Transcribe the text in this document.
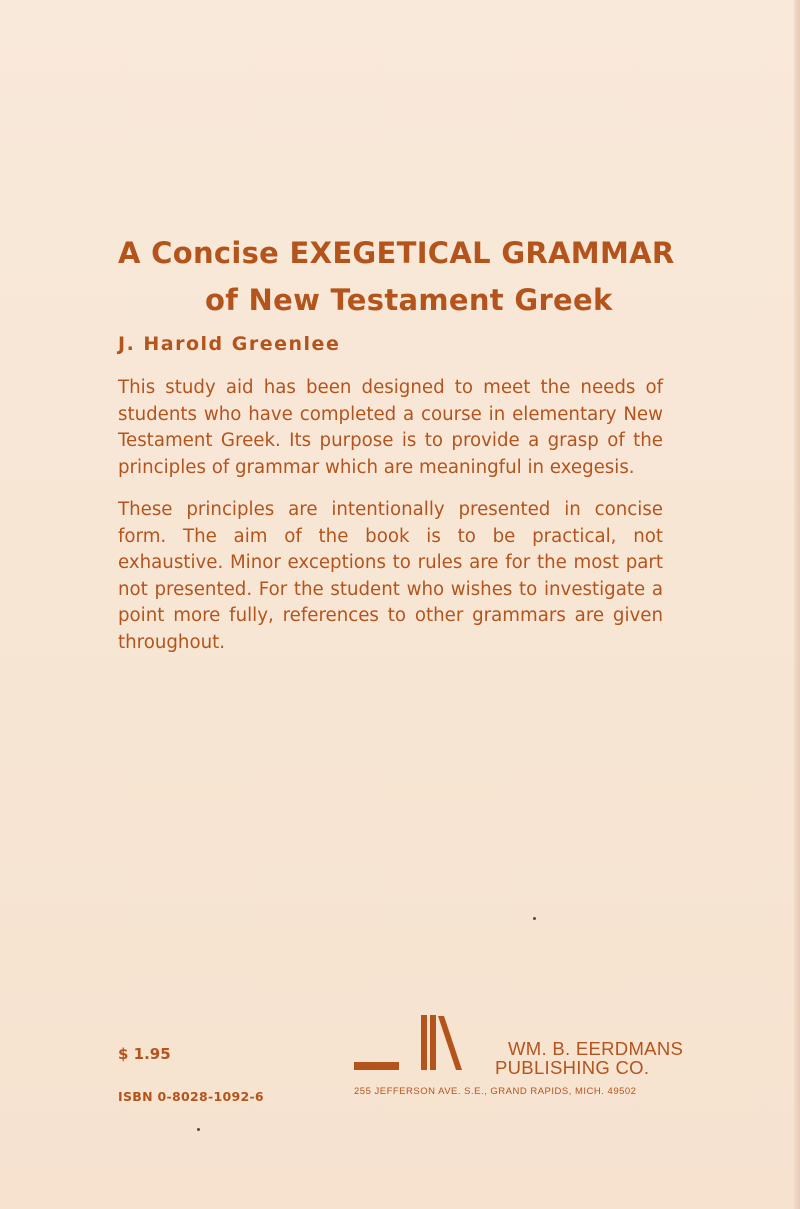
A Concise EXEGETICAL GRAMMAR
of New Testament Greek
J. Harold Greenlee

This study aid has been designed to meet the needs of students who have completed a course in elementary New Testament Greek. Its purpose is to provide a grasp of the principles of grammar which are meaningful in exegesis.

These principles are intentionally presented in concise form. The aim of the book is to be practical, not exhaustive. Minor exceptions to rules are for the most part not presented. For the student who wishes to investigate a point more fully, references to other grammars are given throughout.

$ 1.95
ISBN 0-8028-1092-6
WM. B. EERDMANS
PUBLISHING CO.
255 JEFFERSON AVE. S.E., GRAND RAPIDS, MICH. 49502
